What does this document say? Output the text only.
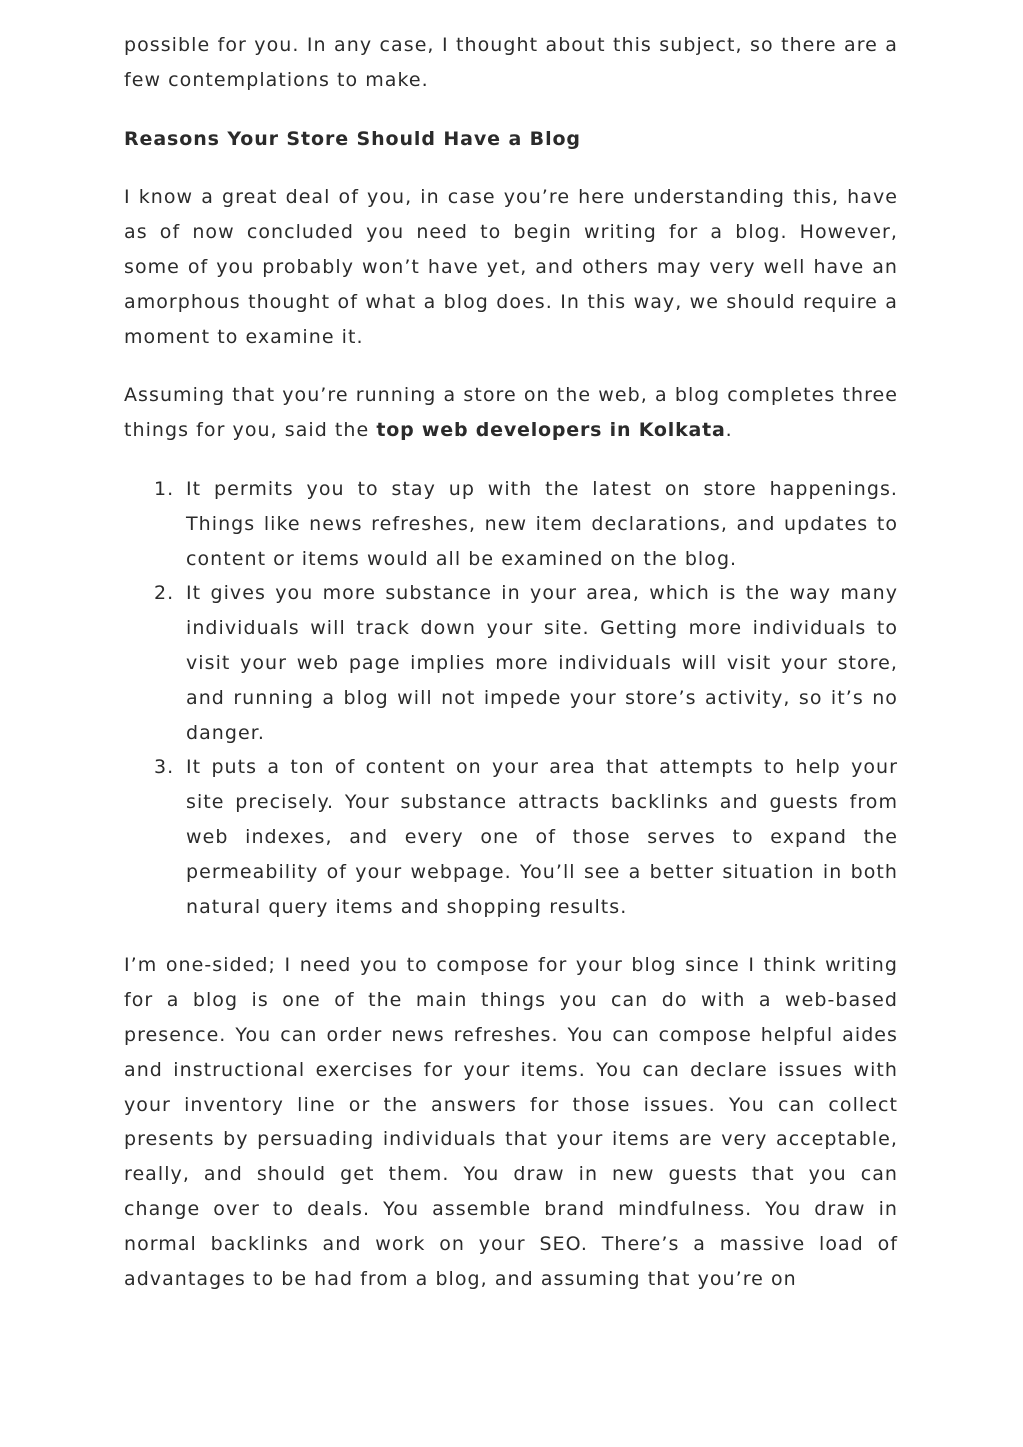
possible for you. In any case, I thought about this subject, so there are a few contemplations to make.

Reasons Your Store Should Have a Blog

I know a great deal of you, in case you’re here understanding this, have as of now concluded you need to begin writing for a blog. However, some of you probably won’t have yet, and others may very well have an amorphous thought of what a blog does. In this way, we should require a moment to examine it.

Assuming that you’re running a store on the web, a blog completes three things for you, said the top web developers in Kolkata.

1. It permits you to stay up with the latest on store happenings. Things like news refreshes, new item declarations, and updates to content or items would all be examined on the blog.
2. It gives you more substance in your area, which is the way many individuals will track down your site. Getting more individuals to visit your web page implies more individuals will visit your store, and running a blog will not impede your store’s activity, so it’s no danger.
3. It puts a ton of content on your area that attempts to help your site precisely. Your substance attracts backlinks and guests from web indexes, and every one of those serves to expand the permeability of your webpage. You’ll see a better situation in both natural query items and shopping results.

I’m one-sided; I need you to compose for your blog since I think writing for a blog is one of the main things you can do with a web-based presence. You can order news refreshes. You can compose helpful aides and instructional exercises for your items. You can declare issues with your inventory line or the answers for those issues. You can collect presents by persuading individuals that your items are very acceptable, really, and should get them. You draw in new guests that you can change over to deals. You assemble brand mindfulness. You draw in normal backlinks and work on your SEO. There’s a massive load of advantages to be had from a blog, and assuming that you’re on
